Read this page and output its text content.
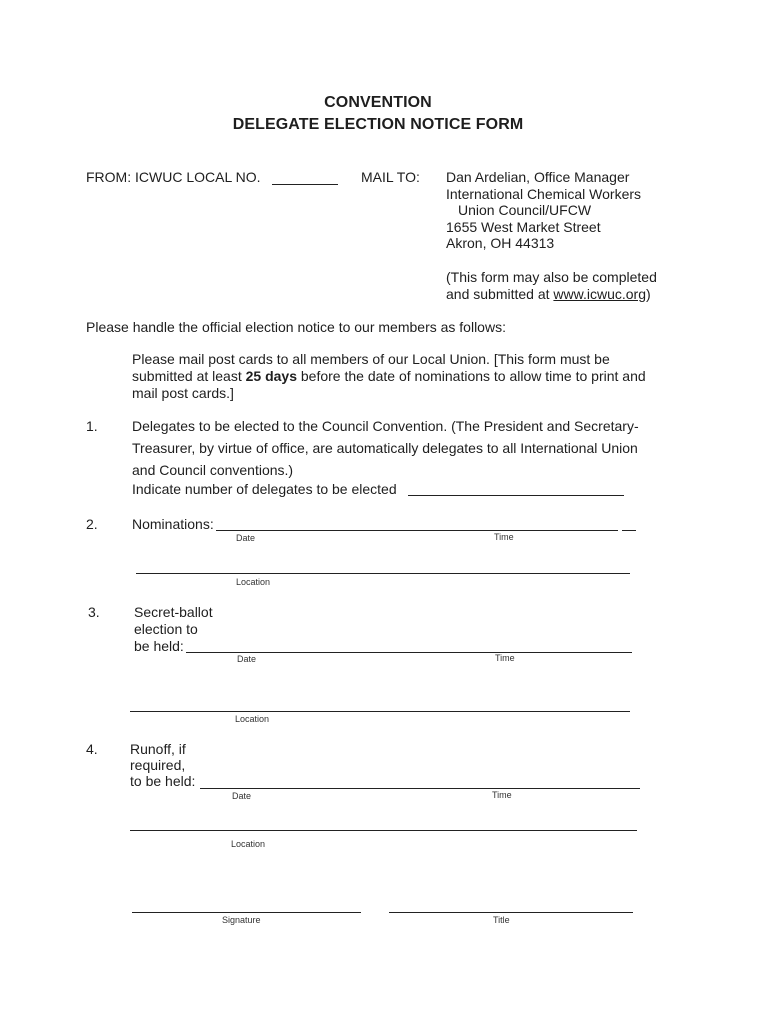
CONVENTION
DELEGATE ELECTION NOTICE FORM
FROM: ICWUC LOCAL NO.	MAIL TO: Dan Ardelian, Office Manager
International Chemical Workers
Union Council/UFCW
1655 West Market Street
Akron, OH 44313
(This form may also be completed
and submitted at www.icwuc.org)
Please handle the official election notice to our members as follows:
Please mail post cards to all members of our Local Union. [This form must be
submitted at least 25 days before the date of nominations to allow time to print and
mail post cards.]
1. Delegates to be elected to the Council Convention. (The President and Secretary-
Treasurer, by virtue of office, are automatically delegates to all International Union
and Council conventions.)
Indicate number of delegates to be elected
2. Nominations:
Date	Time
Location
3. Secret-ballot
election to
be held:
Date	Time
Location
4. Runoff, if
required,
to be held:
Date	Time
Location
Signature	Title
